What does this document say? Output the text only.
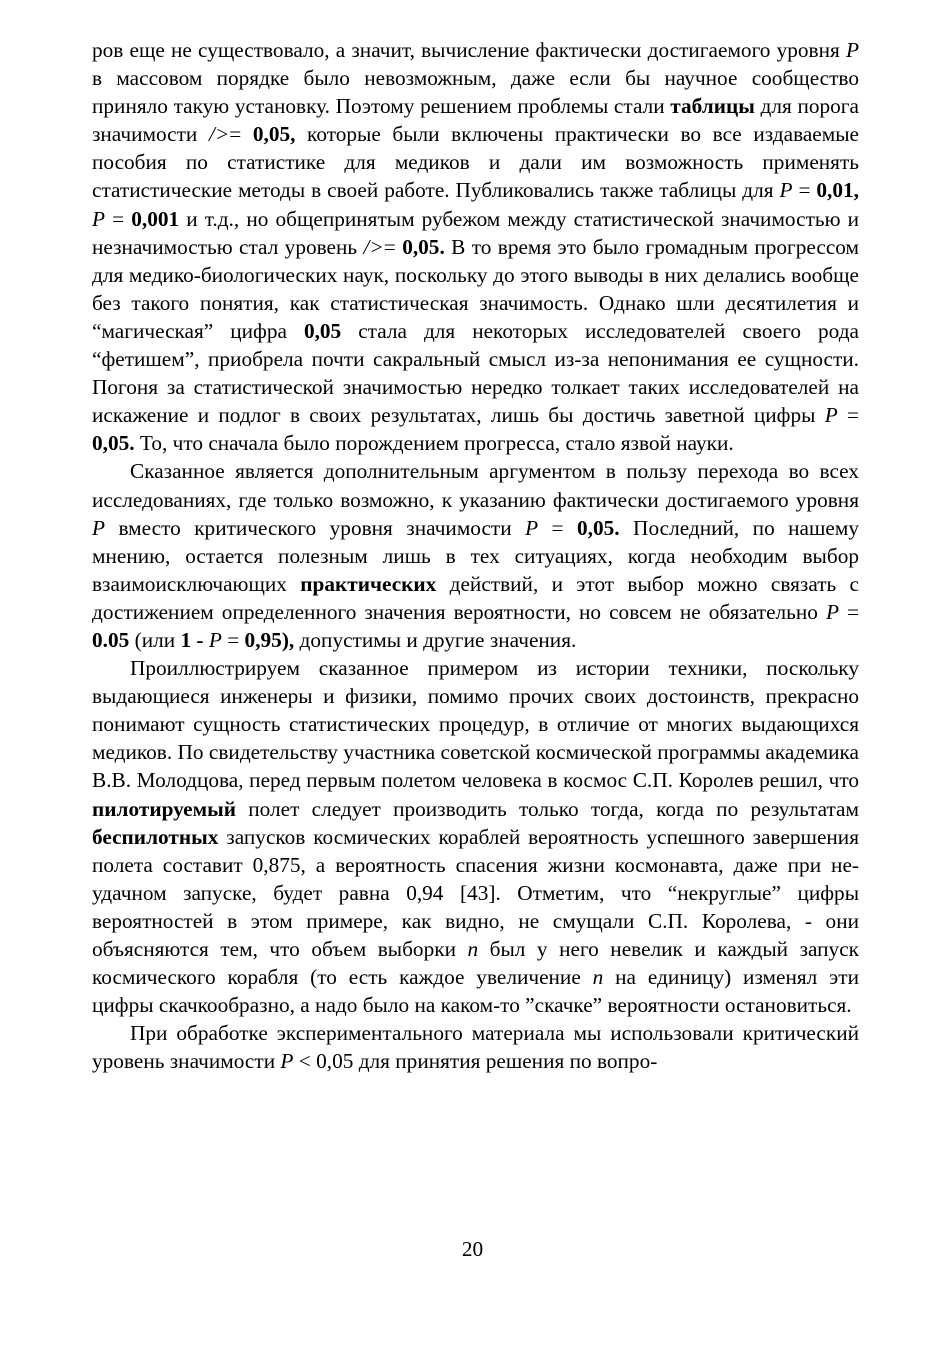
ров еще не существовало, а значит, вычисление фактически достигаемого уровня P в массовом порядке было невозможным, даже если бы научное сообщество приняло такую установку. Поэтому решением проблемы стали таблицы для порога значимости />= 0,05, которые были включены практически во все издаваемые пособия по статистике для медиков и дали им возможность применять статистические методы в своей работе. Публиковались также таблицы для P = 0,01, P = 0,001 и т.д., но общепринятым рубежом между статистической значимостью и незначимостью стал уровень />= 0,05. В то время это было громадным прогрессом для медико-биологических наук, поскольку до этого выводы в них делались вообще без такого понятия, как статистическая значимость. Однако шли десятилетия и “магическая” цифра 0,05 стала для некоторых исследователей своего рода “фетишем”, приобрела почти сакральный смысл из-за непонимания ее сущности. Погоня за статистической значимостью нередко толкает таких исследователей на искажение и подлог в своих результатах, лишь бы достичь заветной цифры P = 0,05. То, что сначала было порождением прогресса, стало язвой науки.

Сказанное является дополнительным аргументом в пользу перехода во всех исследованиях, где только возможно, к указанию фактически достигаемого уровня P вместо критического уровня значимости P = 0,05. Последний, по нашему мнению, остается полезным лишь в тех ситуациях, когда необходим выбор взаимоисключающих практических действий, и этот выбор можно связать с достижением определенного значения вероятности, но совсем не обязательно P = 0.05 (или 1 - P = 0,95), допустимы и другие значения.

Проиллюстрируем сказанное примером из истории техники, поскольку выдающиеся инженеры и физики, помимо прочих своих достоинств, прекрасно понимают сущность статистических процедур, в отличие от многих выдающихся медиков. По свидетельству участника советской космической программы академика В.В. Молодцова, перед первым полетом человека в космос С.П. Королев решил, что пилотируемый полет следует производить только тогда, когда по результатам беспилотных запусков космических кораблей вероятность успешного завершения полета составит 0,875, а вероятность спасения жизни космонавта, даже при неудачном запуске, будет равна 0,94 [43]. Отметим, что “некруглые” цифры вероятностей в этом примере, как видно, не смущали С.П. Королева, - они объясняются тем, что объем выборки n был у него невелик и каждый запуск космического корабля (то есть каждое увеличение n на единицу) изменял эти цифры скачкообразно, а надо было на каком-то ”скачке” вероятности остановиться.

При обработке экспериментального материала мы использовали критический уровень значимости P < 0,05 для принятия решения по вопро-

20
